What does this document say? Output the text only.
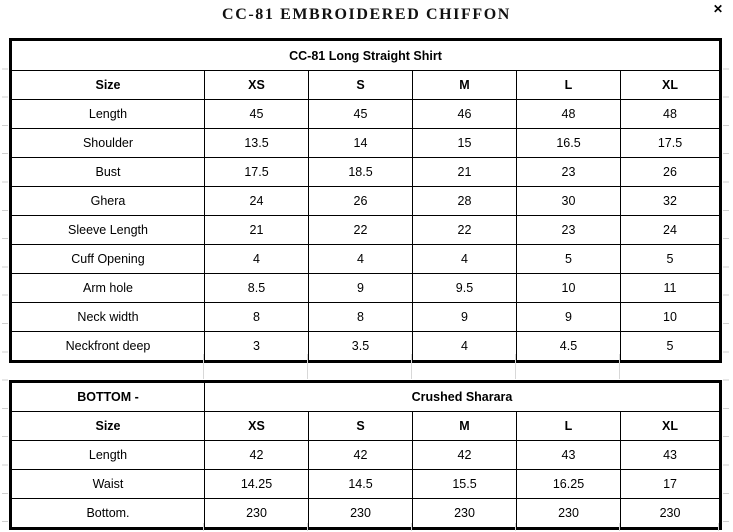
CC-81 EMBROIDERED CHIFFON	✕
CC-81 Long Straight Shirt					
Size	XS	S	M	L	XL
Length	45	45	46	48	48
Shoulder	13.5	14	15	16.5	17.5
Bust	17.5	18.5	21	23	26
Ghera	24	26	28	30	32
Sleeve Length	21	22	22	23	24
Cuff Opening	4	4	4	5	5
Arm hole	8.5	9	9.5	10	11
Neck width	8	8	9	9	10
Neckfront deep	3	3.5	4	4.5	5
BOTTOM -	Crushed Sharara				
Size	XS	S	M	L	XL
Length	42	42	42	43	43
Waist	14.25	14.5	15.5	16.25	17
Bottom.	230	230	230	230	230
